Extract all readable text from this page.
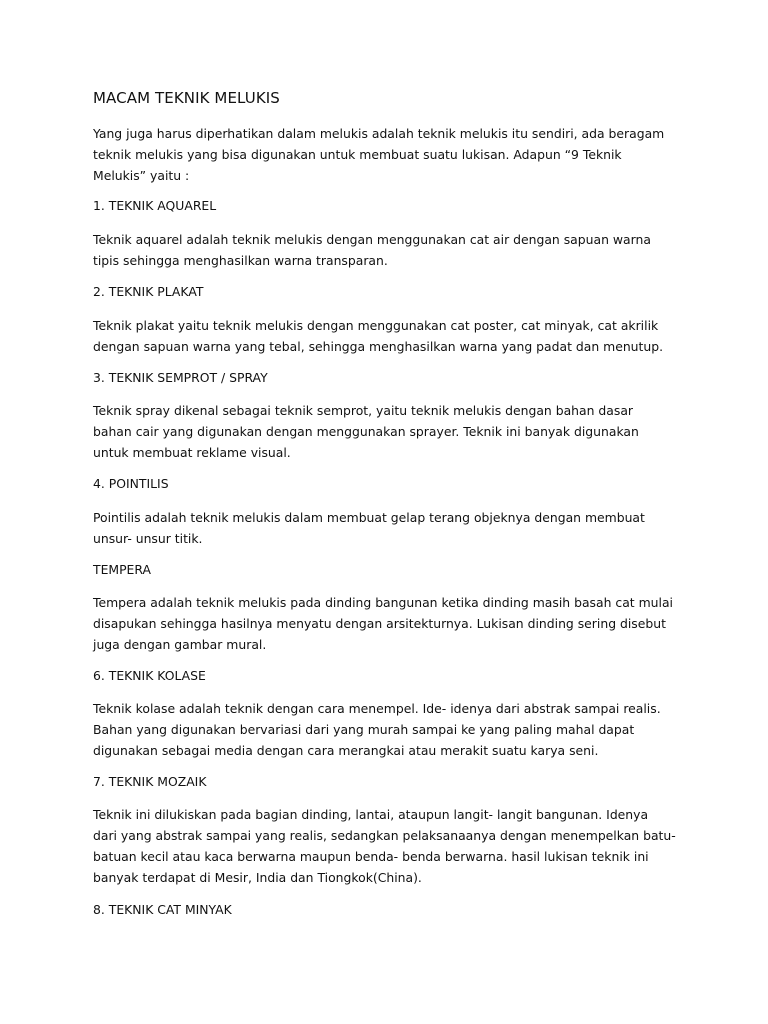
MACAM TEKNIK MELUKIS

Yang juga harus diperhatikan dalam melukis adalah teknik melukis itu sendiri, ada beragam

teknik melukis yang bisa digunakan untuk membuat suatu lukisan. Adapun “9 Teknik

Melukis” yaitu :

1. TEKNIK AQUAREL

Teknik aquarel adalah teknik melukis dengan menggunakan cat air dengan sapuan warna

tipis sehingga menghasilkan warna transparan.

2. TEKNIK PLAKAT

Teknik plakat yaitu teknik melukis dengan menggunakan cat poster, cat minyak, cat akrilik

dengan sapuan warna yang tebal, sehingga menghasilkan warna yang padat dan menutup.

3. TEKNIK SEMPROT / SPRAY

Teknik spray dikenal sebagai teknik semprot, yaitu teknik melukis dengan bahan dasar

bahan cair yang digunakan dengan menggunakan sprayer. Teknik ini banyak digunakan

untuk membuat reklame visual.

4. POINTILIS

Pointilis adalah teknik melukis dalam membuat gelap terang objeknya dengan membuat

unsur- unsur titik.

TEMPERA

Tempera adalah teknik melukis pada dinding bangunan ketika dinding masih basah cat mulai

disapukan sehingga hasilnya menyatu dengan arsitekturnya. Lukisan dinding sering disebut

juga dengan gambar mural.

6. TEKNIK KOLASE

Teknik kolase adalah teknik dengan cara menempel. Ide- idenya dari abstrak sampai realis.

Bahan yang digunakan bervariasi dari yang murah sampai ke yang paling mahal dapat

digunakan sebagai media dengan cara merangkai atau merakit suatu karya seni.

7. TEKNIK MOZAIK

Teknik ini dilukiskan pada bagian dinding, lantai, ataupun langit- langit bangunan. Idenya

dari yang abstrak sampai yang realis, sedangkan pelaksanaanya dengan menempelkan batu-

batuan kecil atau kaca berwarna maupun benda- benda berwarna. hasil lukisan teknik ini

banyak terdapat di Mesir, India dan Tiongkok(China).

8. TEKNIK CAT MINYAK
